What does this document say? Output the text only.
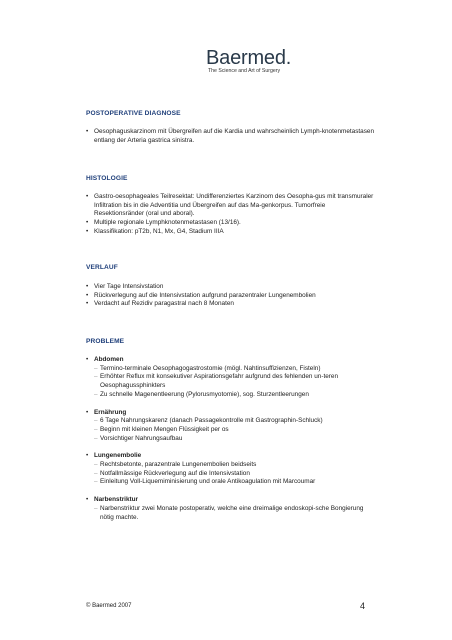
Baermed.
The Science and Art of Surgery
POSTOPERATIVE DIAGNOSE
• Oesophaguskarzinom mit Übergreifen auf die Kardia und wahrscheinlich Lymph-knotenmetastasen entlang der Arteria gastrica sinistra.
HISTOLOGIE
• Gastro-oesophageales Teilresektat: Undifferenziertes Karzinom des Oesopha-gus mit transmuraler Infiltration bis in die Adventitia und Übergreifen auf das Ma-genkorpus. Tumorfreie Resektionsränder (oral und aboral).
• Multiple regionale Lymphknotenmetastasen (13/16).
• Klassifikation: pT2b, N1, Mx, G4, Stadium IIIA
VERLAUF
• Vier Tage Intensivstation
• Rückverlegung auf die Intensivstation aufgrund parazentraler Lungenembolien
• Verdacht auf Rezidiv paragastral nach 8 Monaten
PROBLEME
• Abdomen
– Termino-terminale Oesophagogastrostomie (mögl. Nahtinsuffizienzen, Fisteln)
– Erhöhter Reflux mit konsekutiver Aspirationsgefahr aufgrund des fehlenden un-teren Oesophagussphinkters
– Zu schnelle Magenentleerung (Pylorusmyotomie), sog. Sturzentleerungen
• Ernährung
– 6 Tage Nahrungskarenz (danach Passagekontrolle mit Gastrographin-Schluck)
– Beginn mit kleinen Mengen Flüssigkeit per os
– Vorsichtiger Nahrungsaufbau
• Lungenembolie
– Rechtsbetonte, parazentrale Lungenembolien beidseits
– Notfallmässige Rückverlegung auf die Intensivstation
– Einleitung Voll-Liquemiminisierung und orale Antikoagulation mit Marcoumar
• Narbenstriktur
– Narbenstriktur zwei Monate postoperativ, welche eine dreimalige endoskopi-sche Bongierung nötig machte.
© Baermed 2007	4
